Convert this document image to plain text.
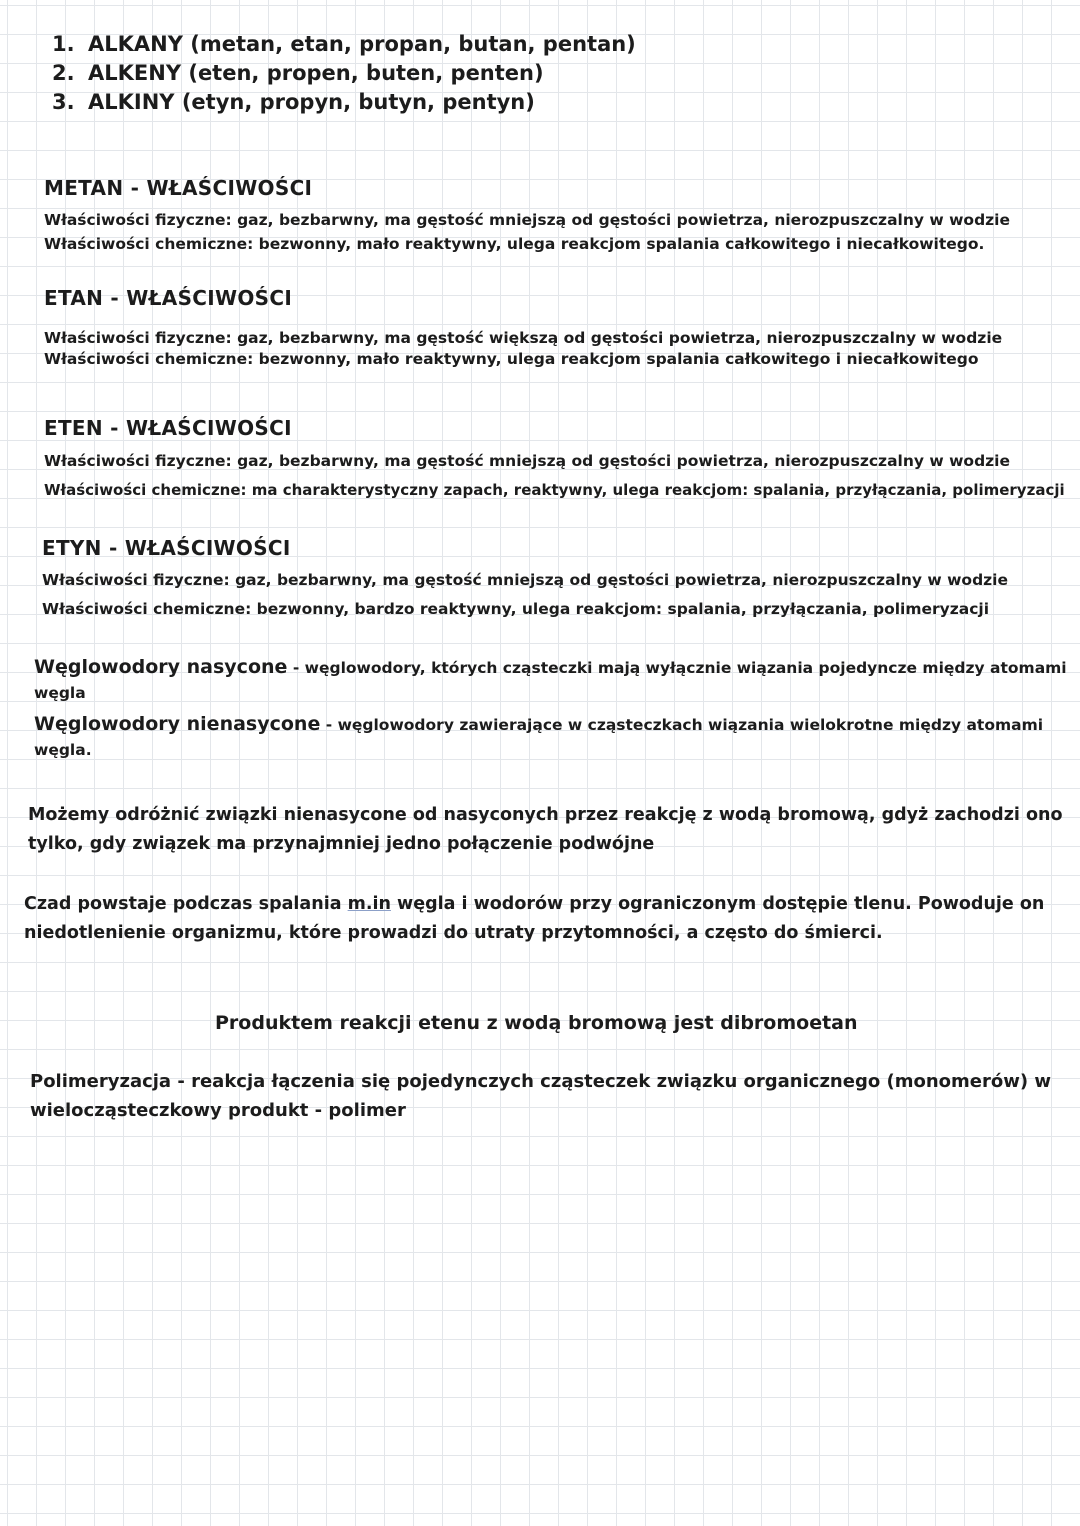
1. ALKANY (metan, etan, propan, butan, pentan)
2. ALKENY (eten, propen, buten, penten)
3. ALKINY (etyn, propyn, butyn, pentyn)
METAN - WŁAŚCIWOŚCI
Właściwości fizyczne: gaz, bezbarwny, ma gęstość mniejszą od gęstości powietrza, nierozpuszczalny w wodzie
Właściwości chemiczne: bezwonny, mało reaktywny, ulega reakcjom spalania całkowitego i niecałkowitego.
ETAN - WŁAŚCIWOŚCI
Właściwości fizyczne: gaz, bezbarwny, ma gęstość większą od gęstości powietrza, nierozpuszczalny w wodzie
Właściwości chemiczne: bezwonny, mało reaktywny, ulega reakcjom spalania całkowitego i niecałkowitego
ETEN - WŁAŚCIWOŚCI
Właściwości fizyczne: gaz, bezbarwny, ma gęstość mniejszą od gęstości powietrza, nierozpuszczalny w wodzie
Właściwości chemiczne: ma charakterystyczny zapach, reaktywny, ulega reakcjom: spalania, przyłączania, polimeryzacji
ETYN - WŁAŚCIWOŚCI
Właściwości fizyczne: gaz, bezbarwny, ma gęstość mniejszą od gęstości powietrza, nierozpuszczalny w wodzie
Właściwości chemiczne: bezwonny, bardzo reaktywny, ulega reakcjom: spalania, przyłączania, polimeryzacji
Węglowodory nasycone - węglowodory, których cząsteczki mają wyłącznie wiązania pojedyncze między atomami
węgla
Węglowodory nienasycone - węglowodory zawierające w cząsteczkach wiązania wielokrotne między atomami
węgla.
Możemy odróżnić związki nienasycone od nasyconych przez reakcję z wodą bromową, gdyż zachodzi ono
tylko, gdy związek ma przynajmniej jedno połączenie podwójne
Czad powstaje podczas spalania m.in węgla i wodorów przy ograniczonym dostępie tlenu. Powoduje on
niedotlenienie organizmu, które prowadzi do utraty przytomności, a często do śmierci.
Produktem reakcji etenu z wodą bromową jest dibromoetan
Polimeryzacja - reakcja łączenia się pojedynczych cząsteczek związku organicznego (monomerów) w
wielocząsteczkowy produkt - polimer
